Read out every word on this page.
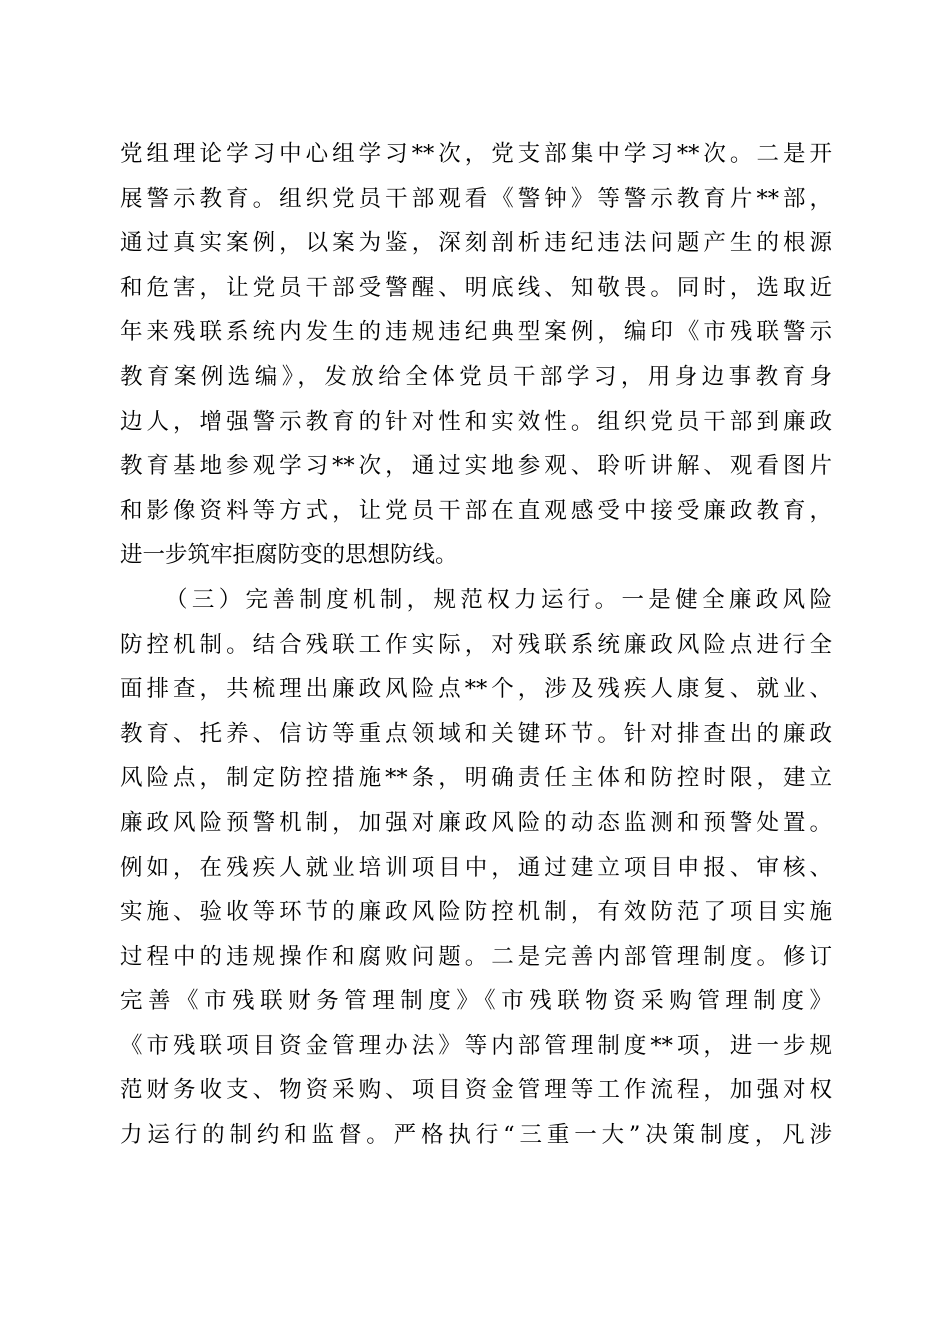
党组理论学习中心组学习**次，党支部集中学习**次。二是开
展警示教育。组织党员干部观看《警钟》等警示教育片**部，
通过真实案例，以案为鉴，深刻剖析违纪违法问题产生的根源
和危害，让党员干部受警醒、明底线、知敬畏。同时，选取近
年来残联系统内发生的违规违纪典型案例，编印《市残联警示
教育案例选编》，发放给全体党员干部学习，用身边事教育身
边人，增强警示教育的针对性和实效性。组织党员干部到廉政
教育基地参观学习**次，通过实地参观、聆听讲解、观看图片
和影像资料等方式，让党员干部在直观感受中接受廉政教育，
进一步筑牢拒腐防变的思想防线。
（三）完善制度机制，规范权力运行。一是健全廉政风险
防控机制。结合残联工作实际，对残联系统廉政风险点进行全
面排查，共梳理出廉政风险点**个，涉及残疾人康复、就业、
教育、托养、信访等重点领域和关键环节。针对排查出的廉政
风险点，制定防控措施**条，明确责任主体和防控时限，建立
廉政风险预警机制，加强对廉政风险的动态监测和预警处置。
例如，在残疾人就业培训项目中，通过建立项目申报、审核、
实施、验收等环节的廉政风险防控机制，有效防范了项目实施
过程中的违规操作和腐败问题。二是完善内部管理制度。修订
完善《市残联财务管理制度》《市残联物资采购管理制度》
《市残联项目资金管理办法》等内部管理制度**项，进一步规
范财务收支、物资采购、项目资金管理等工作流程，加强对权
力运行的制约和监督。严格执行“三重一大”决策制度，凡涉
